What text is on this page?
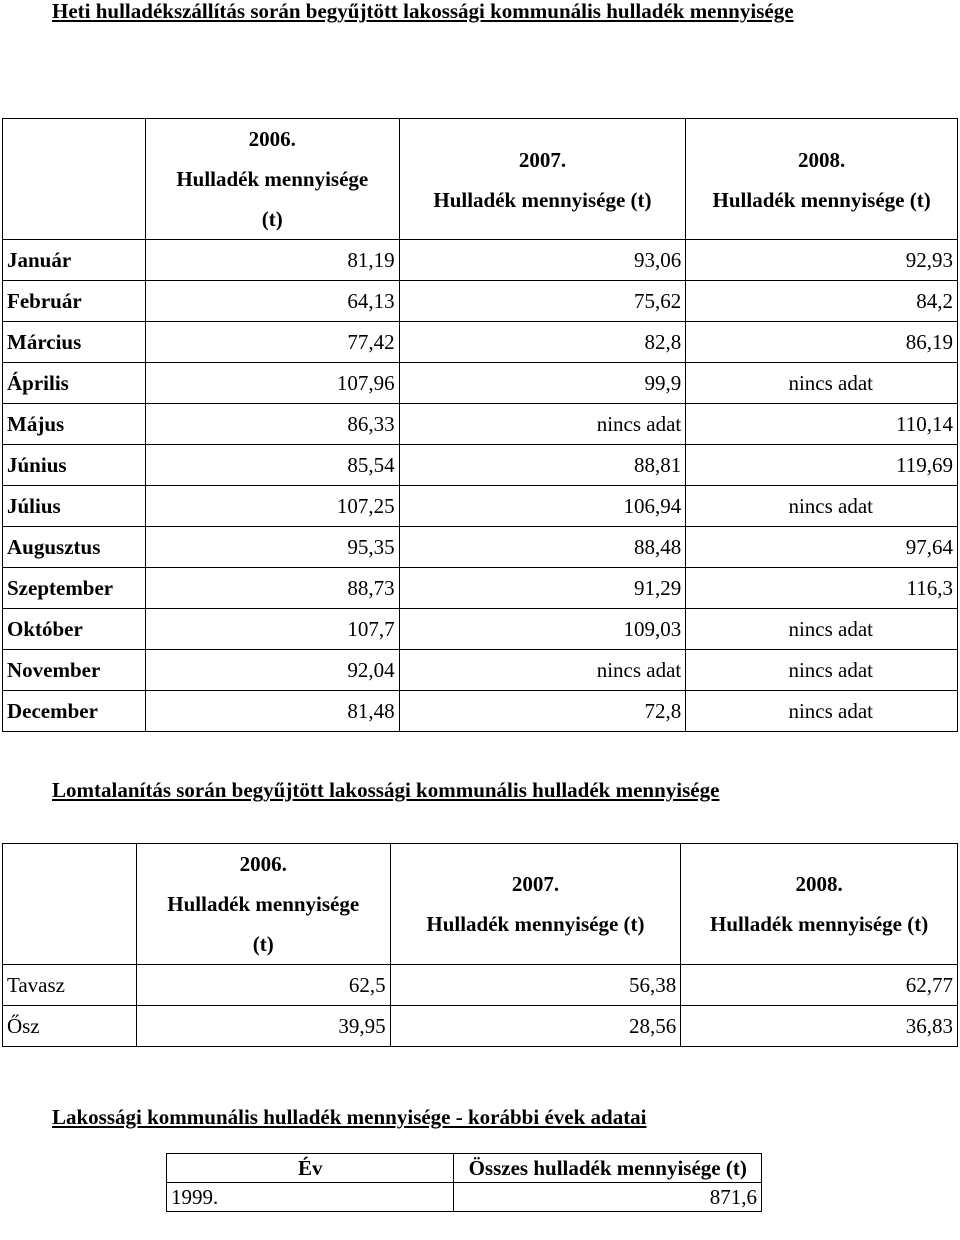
Heti hulladékszállítás során begyűjtött lakossági kommunális hulladék mennyisége

	2006.
Hulladék mennyisége
(t)	2007.
Hulladék mennyisége (t)	2008.
Hulladék mennyisége (t)
Január	81,19	93,06	92,93
Február	64,13	75,62	84,2
Március	77,42	82,8	86,19
Április	107,96	99,9	nincs adat
Május	86,33	nincs adat	110,14
Június	85,54	88,81	119,69
Július	107,25	106,94	nincs adat
Augusztus	95,35	88,48	97,64
Szeptember	88,73	91,29	116,3
Október	107,7	109,03	nincs adat
November	92,04	nincs adat	nincs adat
December	81,48	72,8	nincs adat

Lomtalanítás során begyűjtött lakossági kommunális hulladék mennyisége

	2006.
Hulladék mennyisége
(t)	2007.
Hulladék mennyisége (t)	2008.
Hulladék mennyisége (t)
Tavasz	62,5	56,38	62,77
Ősz	39,95	28,56	36,83

Lakossági kommunális hulladék mennyisége - korábbi évek adatai

Év	Összes hulladék mennyisége (t)
1999.	871,6
